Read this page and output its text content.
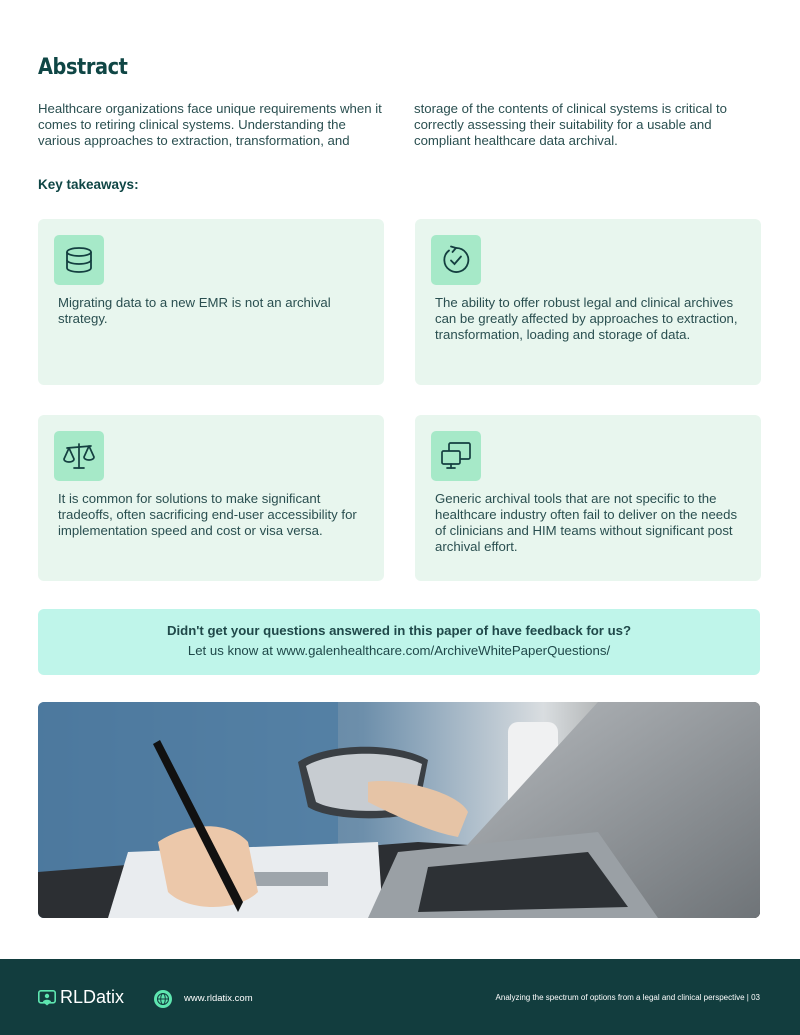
Abstract

Healthcare organizations face unique requirements when it comes to retiring clinical systems. Understanding the various approaches to extraction, transformation, and

storage of the contents of clinical systems is critical to correctly assessing their suitability for a usable and compliant healthcare data archival.

Key takeaways:

Migrating data to a new EMR is not an archival strategy.

The ability to offer robust legal and clinical archives can be greatly affected by approaches to extraction, transformation, loading and storage of data.

It is common for solutions to make significant tradeoffs, often sacrificing end-user accessibility for implementation speed and cost or visa versa.

Generic archival tools that are not specific to the healthcare industry often fail to deliver on the needs of clinicians and HIM teams without significant post archival effort.

Didn't get your questions answered in this paper of have feedback for us?
Let us know at www.galenhealthcare.com/ArchiveWhitePaperQuestions/
RLDatix	www.rldatix.com	Analyzing the spectrum of options from a legal and clinical perspective | 03
